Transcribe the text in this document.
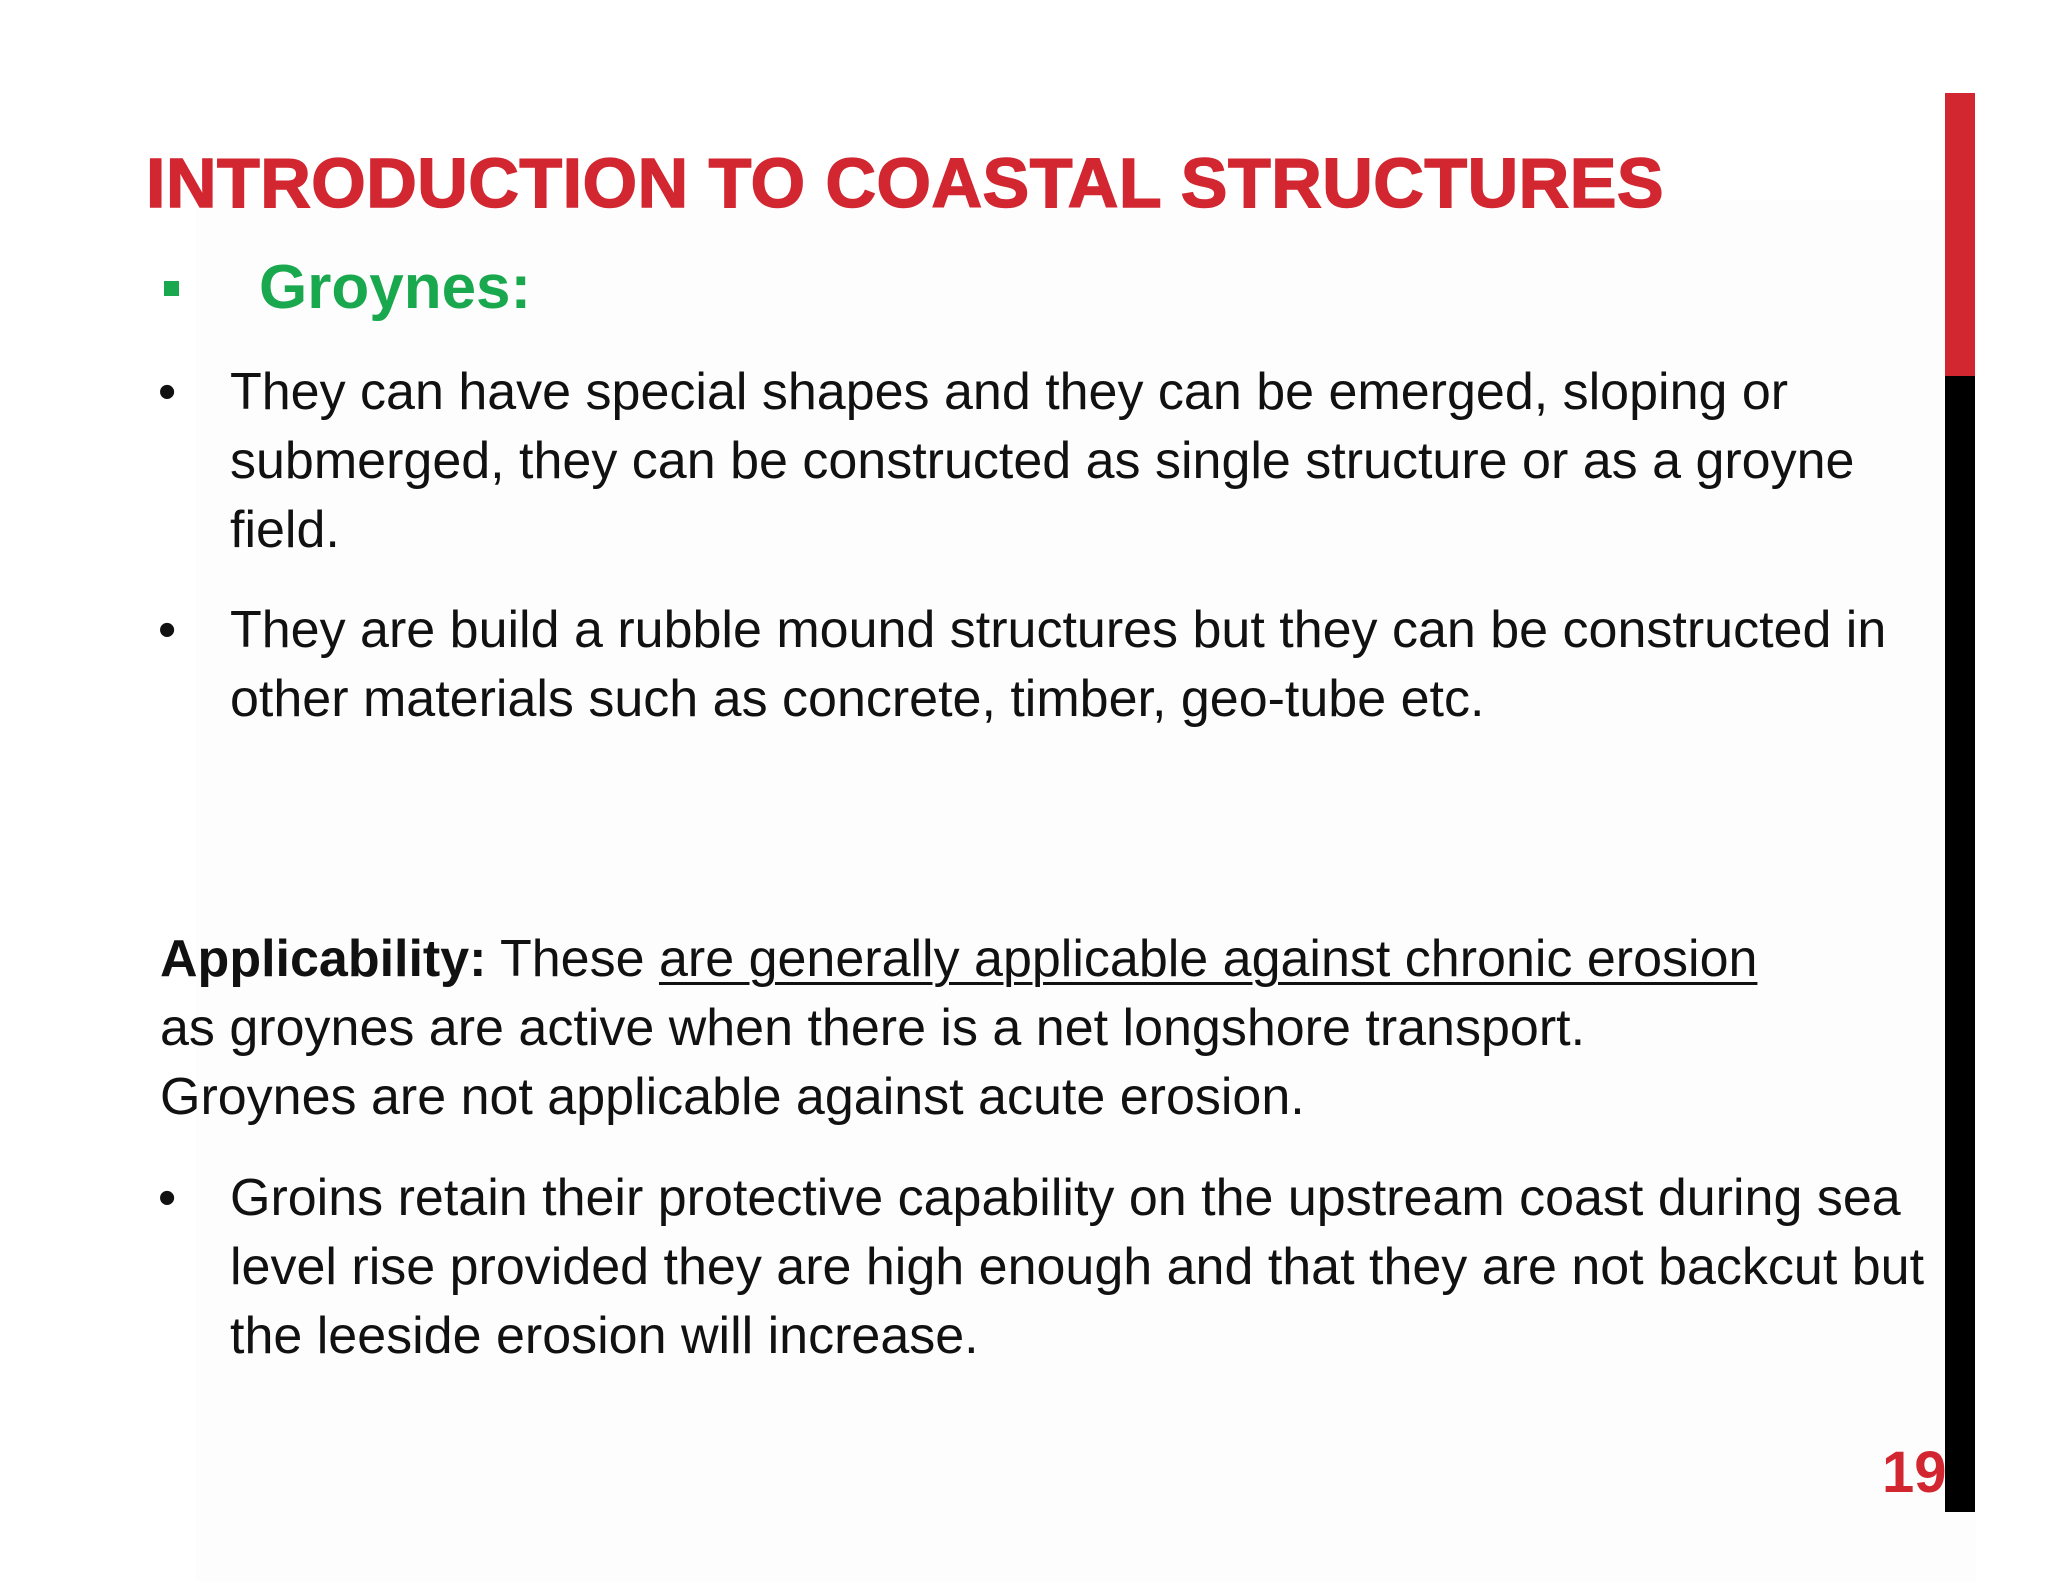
INTRODUCTION TO COASTAL STRUCTURES
Groynes:
•	They can have special shapes and they can be emerged, sloping or submerged, they can be constructed as single structure or as a groyne field.
•	They are build a rubble mound structures but they can be constructed in other materials such as concrete, timber, geo-tube etc.
Applicability: These are generally applicable against chronic erosion as groynes are active when there is a net longshore transport. Groynes are not applicable against acute erosion.
•	Groins retain their protective capability on the upstream coast during sea level rise provided they are high enough and that they are not backcut but the leeside erosion will increase.
19
